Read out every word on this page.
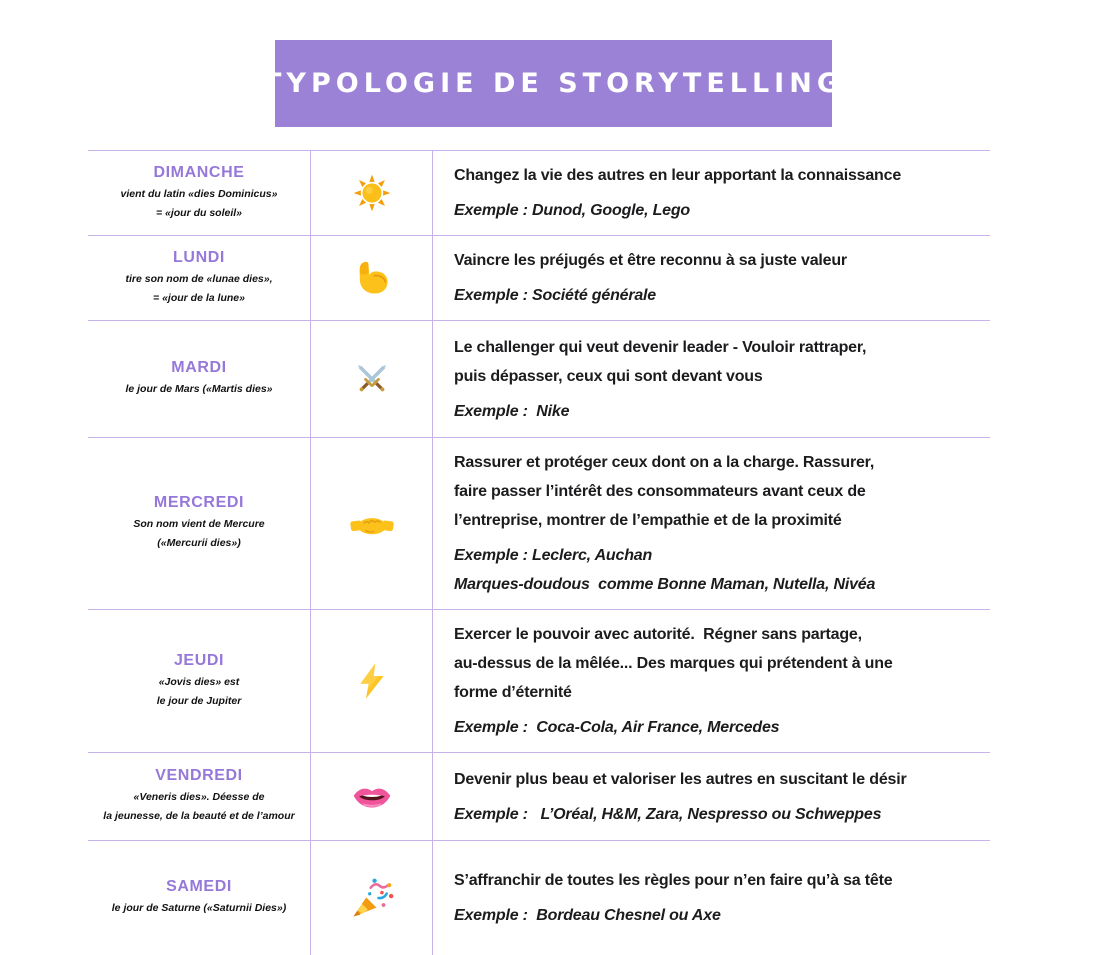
TYPOLOGIE DE STORYTELLING
DIMANCHE
vient du latin «dies Dominicus»
= «jour du soleil»
Changez la vie des autres en leur apportant la connaissance
Exemple : Dunod, Google, Lego
LUNDI
tire son nom de «lunae dies»,
= «jour de la lune»
Vaincre les préjugés et être reconnu à sa juste valeur
Exemple : Société générale
MARDI
le jour de Mars («Martis dies»
Le challenger qui veut devenir leader - Vouloir rattraper,
puis dépasser, ceux qui sont devant vous
Exemple :  Nike
MERCREDI
Son nom vient de Mercure
(«Mercurii dies»)
Rassurer et protéger ceux dont on a la charge. Rassurer,
faire passer l’intérêt des consommateurs avant ceux de
l’entreprise, montrer de l’empathie et de la proximité
Exemple : Leclerc, Auchan
Marques-doudous  comme Bonne Maman, Nutella, Nivéa
JEUDI
«Jovis dies» est
le jour de Jupiter
Exercer le pouvoir avec autorité.  Régner sans partage,
au-dessus de la mêlée... Des marques qui prétendent à une
forme d’éternité
Exemple :  Coca-Cola, Air France, Mercedes
VENDREDI
«Veneris dies». Déesse de
la jeunesse, de la beauté et de l’amour
Devenir plus beau et valoriser les autres en suscitant le désir
Exemple :   L’Oréal, H&M, Zara, Nespresso ou Schweppes
SAMEDI
le jour de Saturne («Saturnii Dies»)
S’affranchir de toutes les règles pour n’en faire qu’à sa tête
Exemple :  Bordeau Chesnel ou Axe
